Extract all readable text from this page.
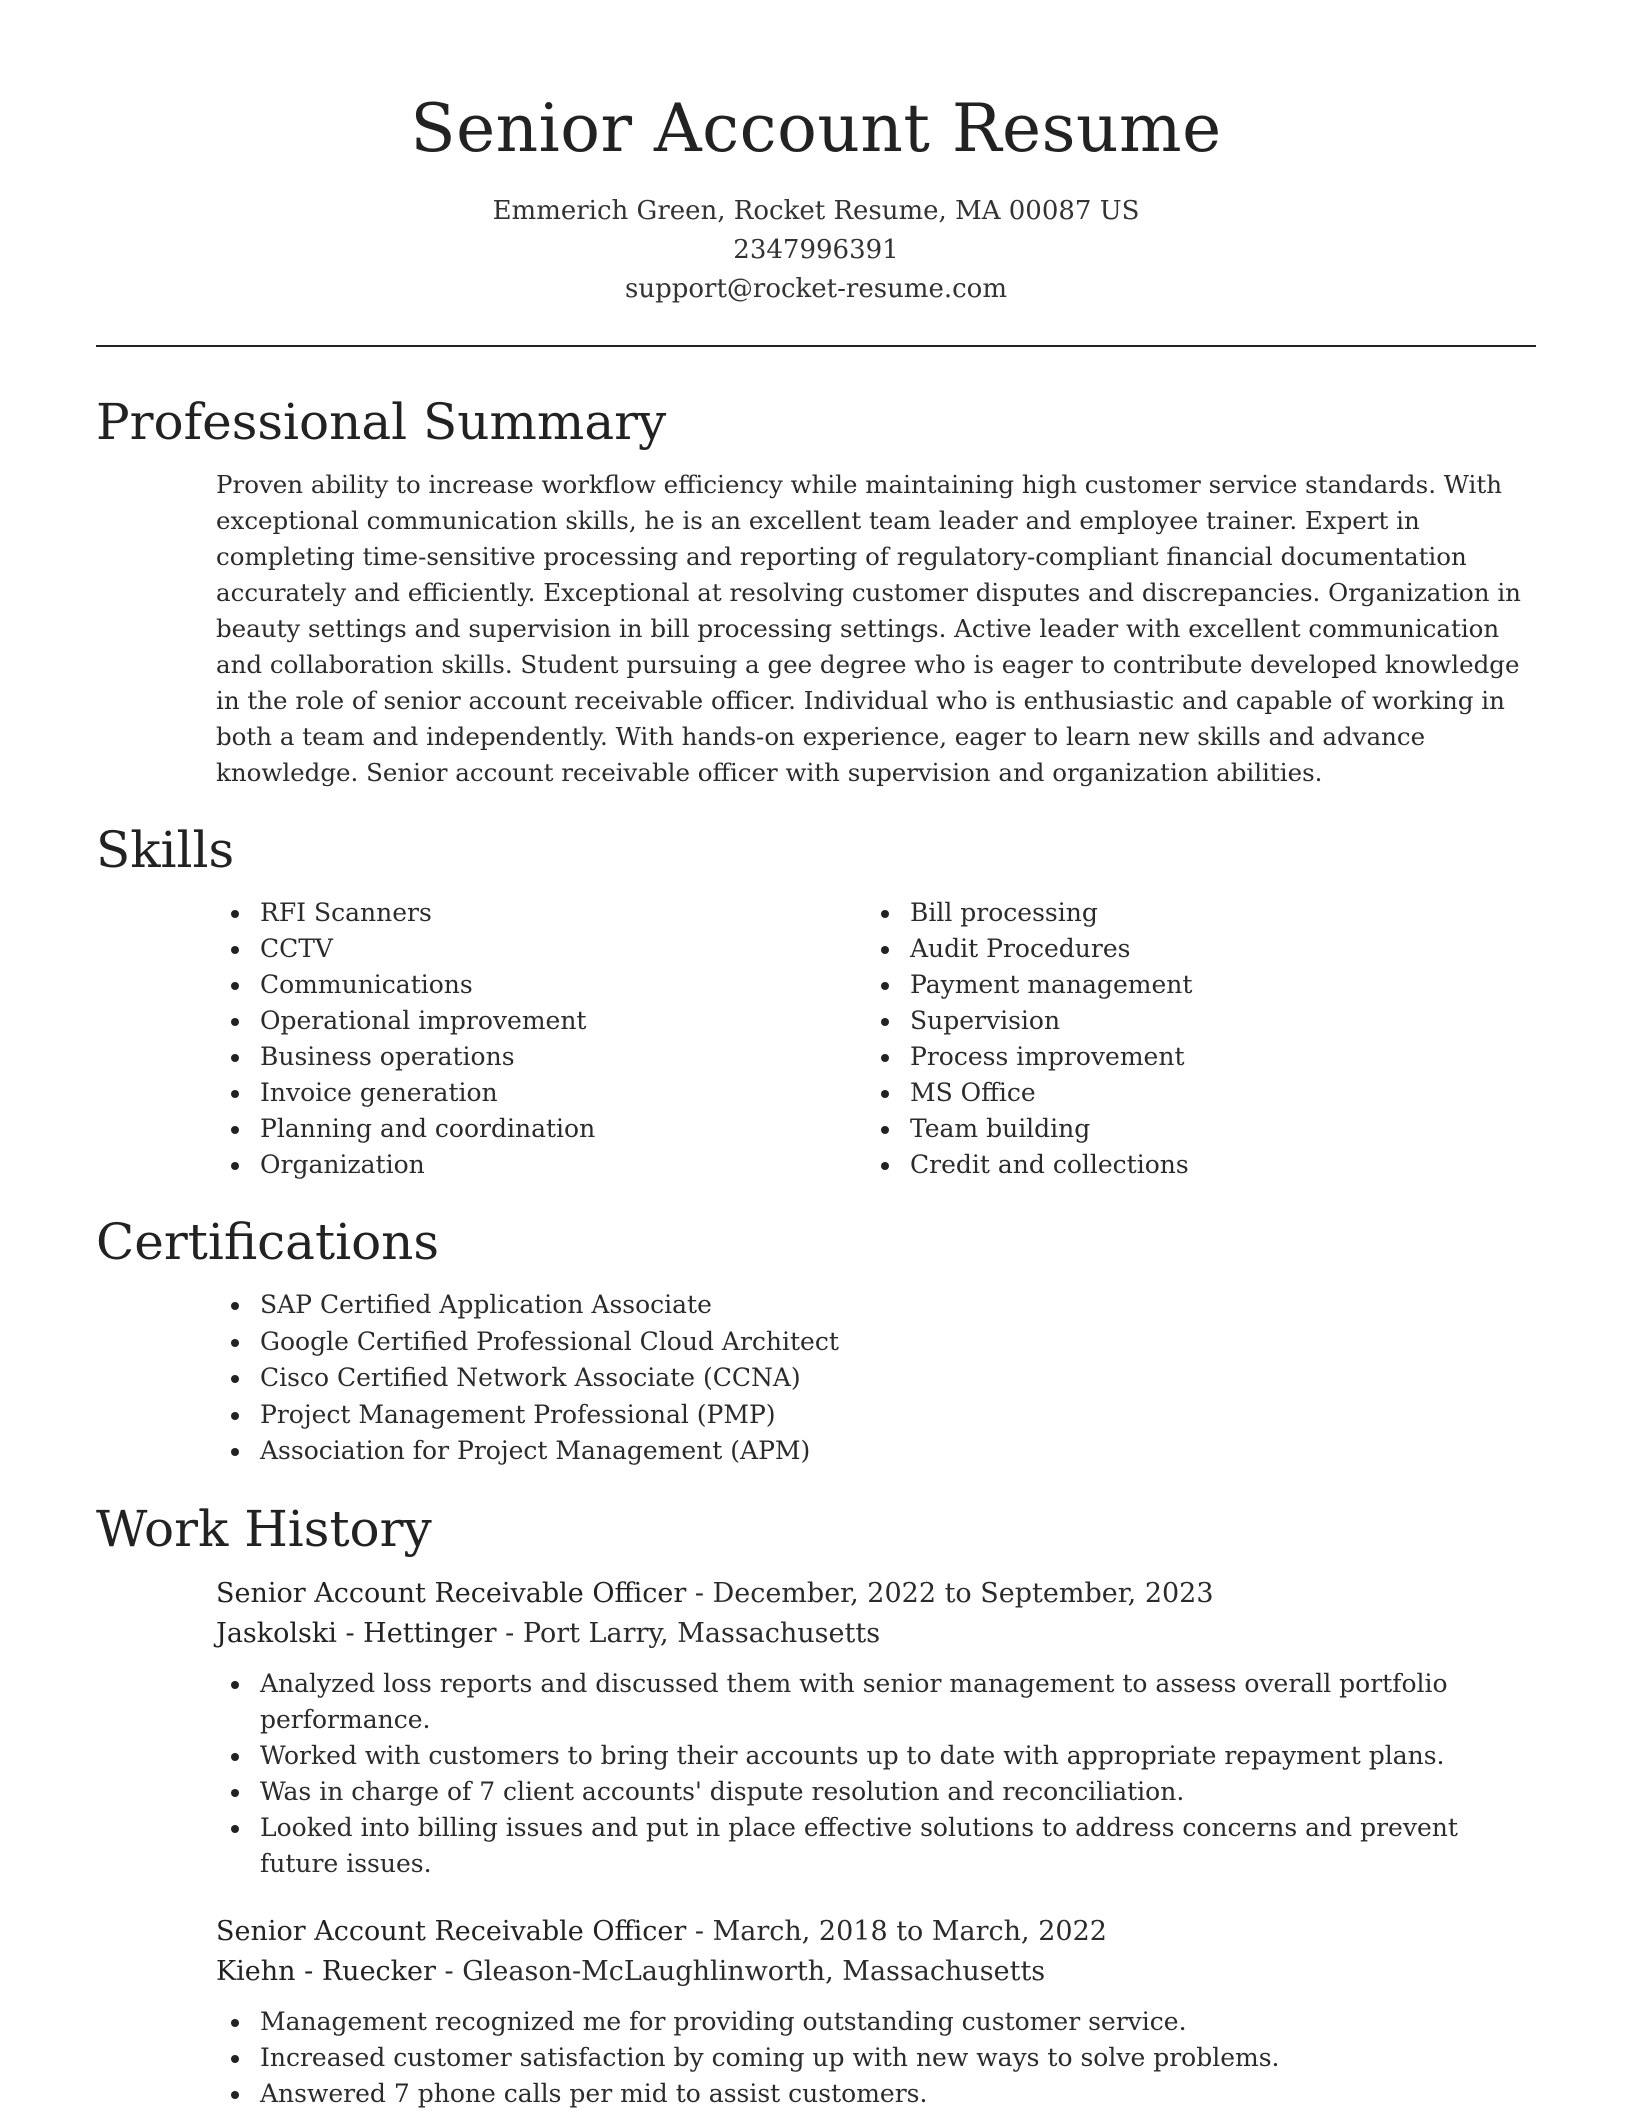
Senior Account Resume
Emmerich Green, Rocket Resume, MA 00087 US
2347996391
support@rocket-resume.com
Professional Summary

Proven ability to increase workflow efficiency while maintaining high customer service standards. With exceptional communication skills, he is an excellent team leader and employee trainer. Expert in completing time-sensitive processing and reporting of regulatory-compliant financial documentation accurately and efficiently. Exceptional at resolving customer disputes and discrepancies. Organization in beauty settings and supervision in bill processing settings. Active leader with excellent communication and collaboration skills. Student pursuing a gee degree who is eager to contribute developed knowledge in the role of senior account receivable officer. Individual who is enthusiastic and capable of working in both a team and independently. With hands-on experience, eager to learn new skills and advance knowledge. Senior account receivable officer with supervision and organization abilities.

Skills
RFI Scanners
CCTV
Communications
Operational improvement
Business operations
Invoice generation
Planning and coordination
Organization
Bill processing
Audit Procedures
Payment management
Supervision
Process improvement
MS Office
Team building
Credit and collections
Certifications
SAP Certified Application Associate
Google Certified Professional Cloud Architect
Cisco Certified Network Associate (CCNA)
Project Management Professional (PMP)
Association for Project Management (APM)
Work History
Senior Account Receivable Officer - December, 2022 to September, 2023
Jaskolski - Hettinger - Port Larry, Massachusetts
Analyzed loss reports and discussed them with senior management to assess overall portfolio performance.
Worked with customers to bring their accounts up to date with appropriate repayment plans.
Was in charge of 7 client accounts' dispute resolution and reconciliation.
Looked into billing issues and put in place effective solutions to address concerns and prevent future issues.
Senior Account Receivable Officer - March, 2018 to March, 2022
Kiehn - Ruecker - Gleason-McLaughlinworth, Massachusetts
Management recognized me for providing outstanding customer service.
Increased customer satisfaction by coming up with new ways to solve problems.
Answered 7 phone calls per mid to assist customers.
